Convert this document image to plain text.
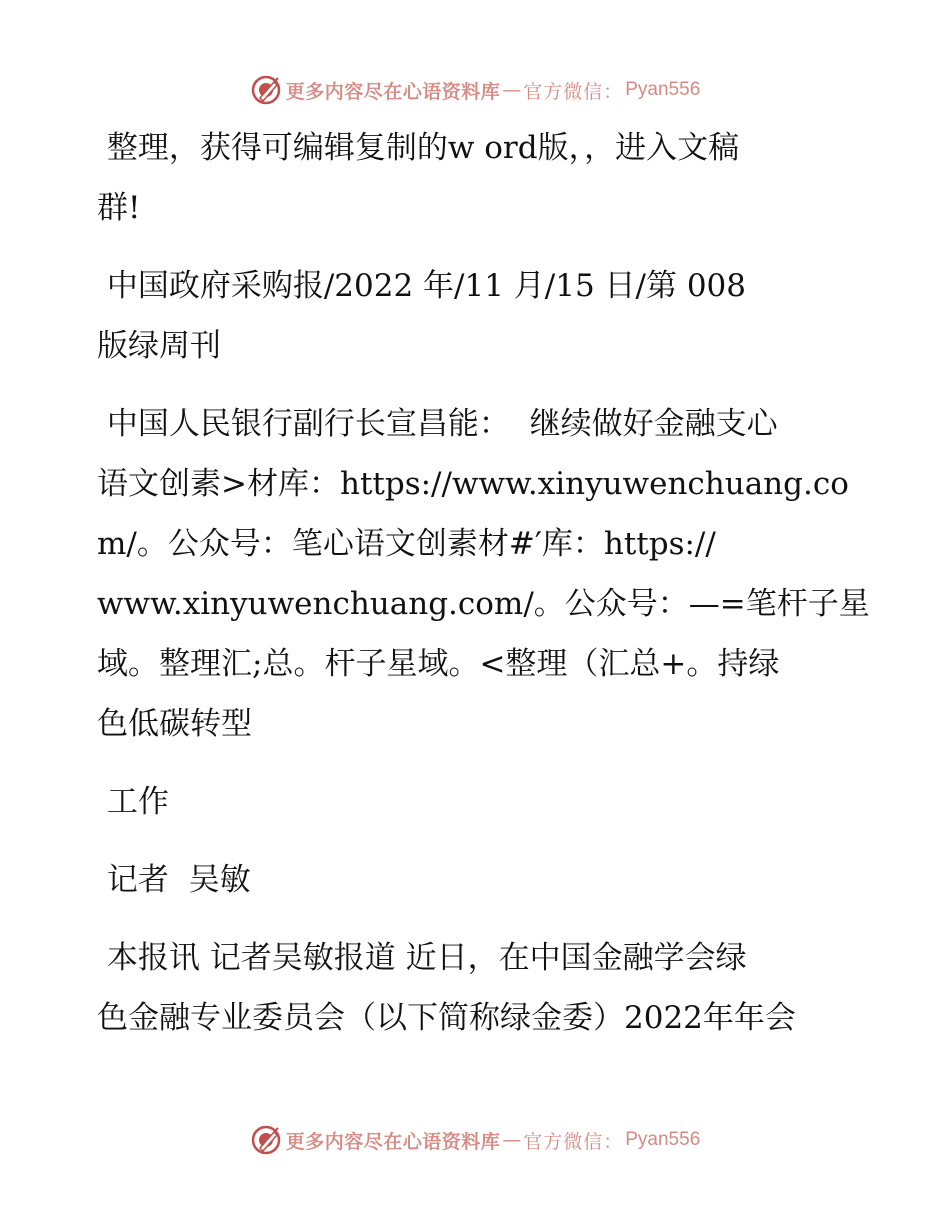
更多内容尽在心语资料库 — 官方微信： Pyan556
整理，获得可编辑复制的w ord版，，进入文稿
群!
中国政府采购报/2022 年/11 月/15 日/第 008
版绿周刊
中国人民银行副行长宣昌能：  继续做好金融支心
语文创素>材库：https://www.xinyuwenchuang.co
m/。公众号：笔心语文创素材#′库：https://
www.xinyuwenchuang.com/。公众号：—=笔杆子星
域。整理汇;总。杆子星域。<整理（汇总+。持绿
色低碳转型
工作
记者  吴敏
本报讯 记者吴敏报道 近日，在中国金融学会绿
色金融专业委员会（以下简称绿金委）2022年年会
更多内容尽在心语资料库 — 官方微信： Pyan556
